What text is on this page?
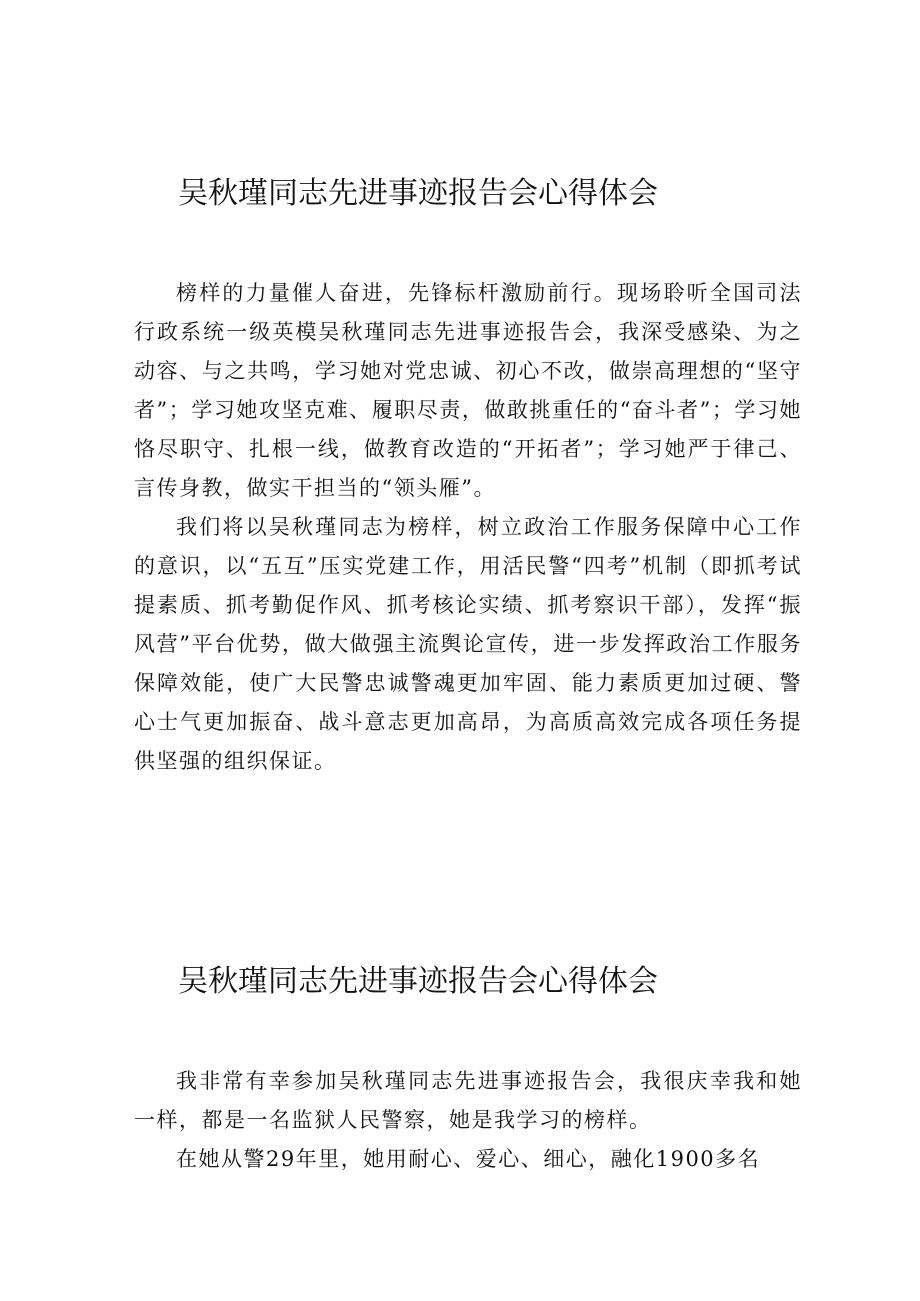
吴秋瑾同志先进事迹报告会心得体会

榜样的力量催人奋进，先锋标杆激励前行。现场聆听全国司法行政系统一级英模吴秋瑾同志先进事迹报告会，我深受感染、为之动容、与之共鸣，学习她对党忠诚、初心不改，做崇高理想的“坚守者”；学习她攻坚克难、履职尽责，做敢挑重任的“奋斗者”；学习她恪尽职守、扎根一线，做教育改造的“开拓者”；学习她严于律己、言传身教，做实干担当的“领头雁”。

我们将以吴秋瑾同志为榜样，树立政治工作服务保障中心工作的意识，以“五互”压实党建工作，用活民警“四考”机制（即抓考试提素质、抓考勤促作风、抓考核论实绩、抓考察识干部），发挥“振风营”平台优势，做大做强主流舆论宣传，进一步发挥政治工作服务保障效能，使广大民警忠诚警魂更加牢固、能力素质更加过硬、警心士气更加振奋、战斗意志更加高昂，为高质高效完成各项任务提供坚强的组织保证。

吴秋瑾同志先进事迹报告会心得体会

我非常有幸参加吴秋瑾同志先进事迹报告会，我很庆幸我和她一样，都是一名监狱人民警察，她是我学习的榜样。

在她从警29年里，她用耐心、爱心、细心，融化1900多名
